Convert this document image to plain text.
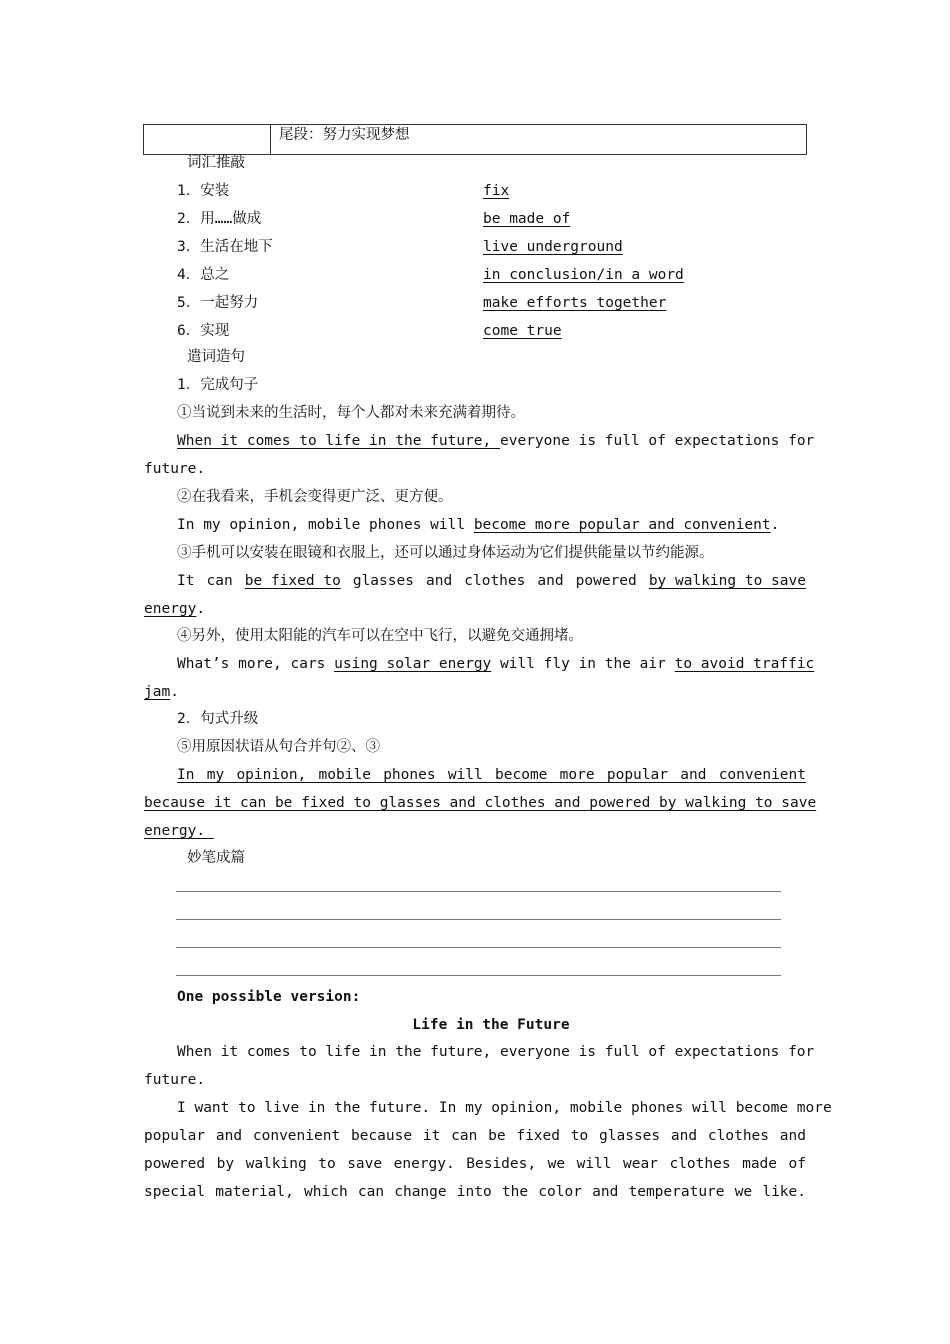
尾段：努力实现梦想
词汇推敲
1．安装	fix
2．用……做成	be made of
3．生活在地下	live underground
4．总之	in conclusion/in a word
5．一起努力	make efforts together
6．实现	come true
遣词造句
1．完成句子
①当说到未来的生活时，每个人都对未来充满着期待。
When it comes to life in the future, everyone is full of expectations for
future.
②在我看来，手机会变得更广泛、更方便。
In my opinion, mobile phones will become more popular and convenient.
③手机可以安装在眼镜和衣服上，还可以通过身体运动为它们提供能量以节约能源。
It can be fixed to glasses and clothes and powered by walking to save
energy.
④另外，使用太阳能的汽车可以在空中飞行，以避免交通拥堵。
What’s more, cars using solar energy will fly in the air to avoid traffic
jam.
2．句式升级
⑤用原因状语从句合并句②、③
In my opinion, mobile phones will become more popular and convenient
because it can be fixed to glasses and clothes and powered by walking to save
energy.
妙笔成篇
One possible version:
Life in the Future
When it comes to life in the future, everyone is full of expectations for
future.
I want to live in the future. In my opinion, mobile phones will become more
popular and convenient because it can be fixed to glasses and clothes and
powered by walking to save energy. Besides, we will wear clothes made of
special material, which can change into the color and temperature we like.
